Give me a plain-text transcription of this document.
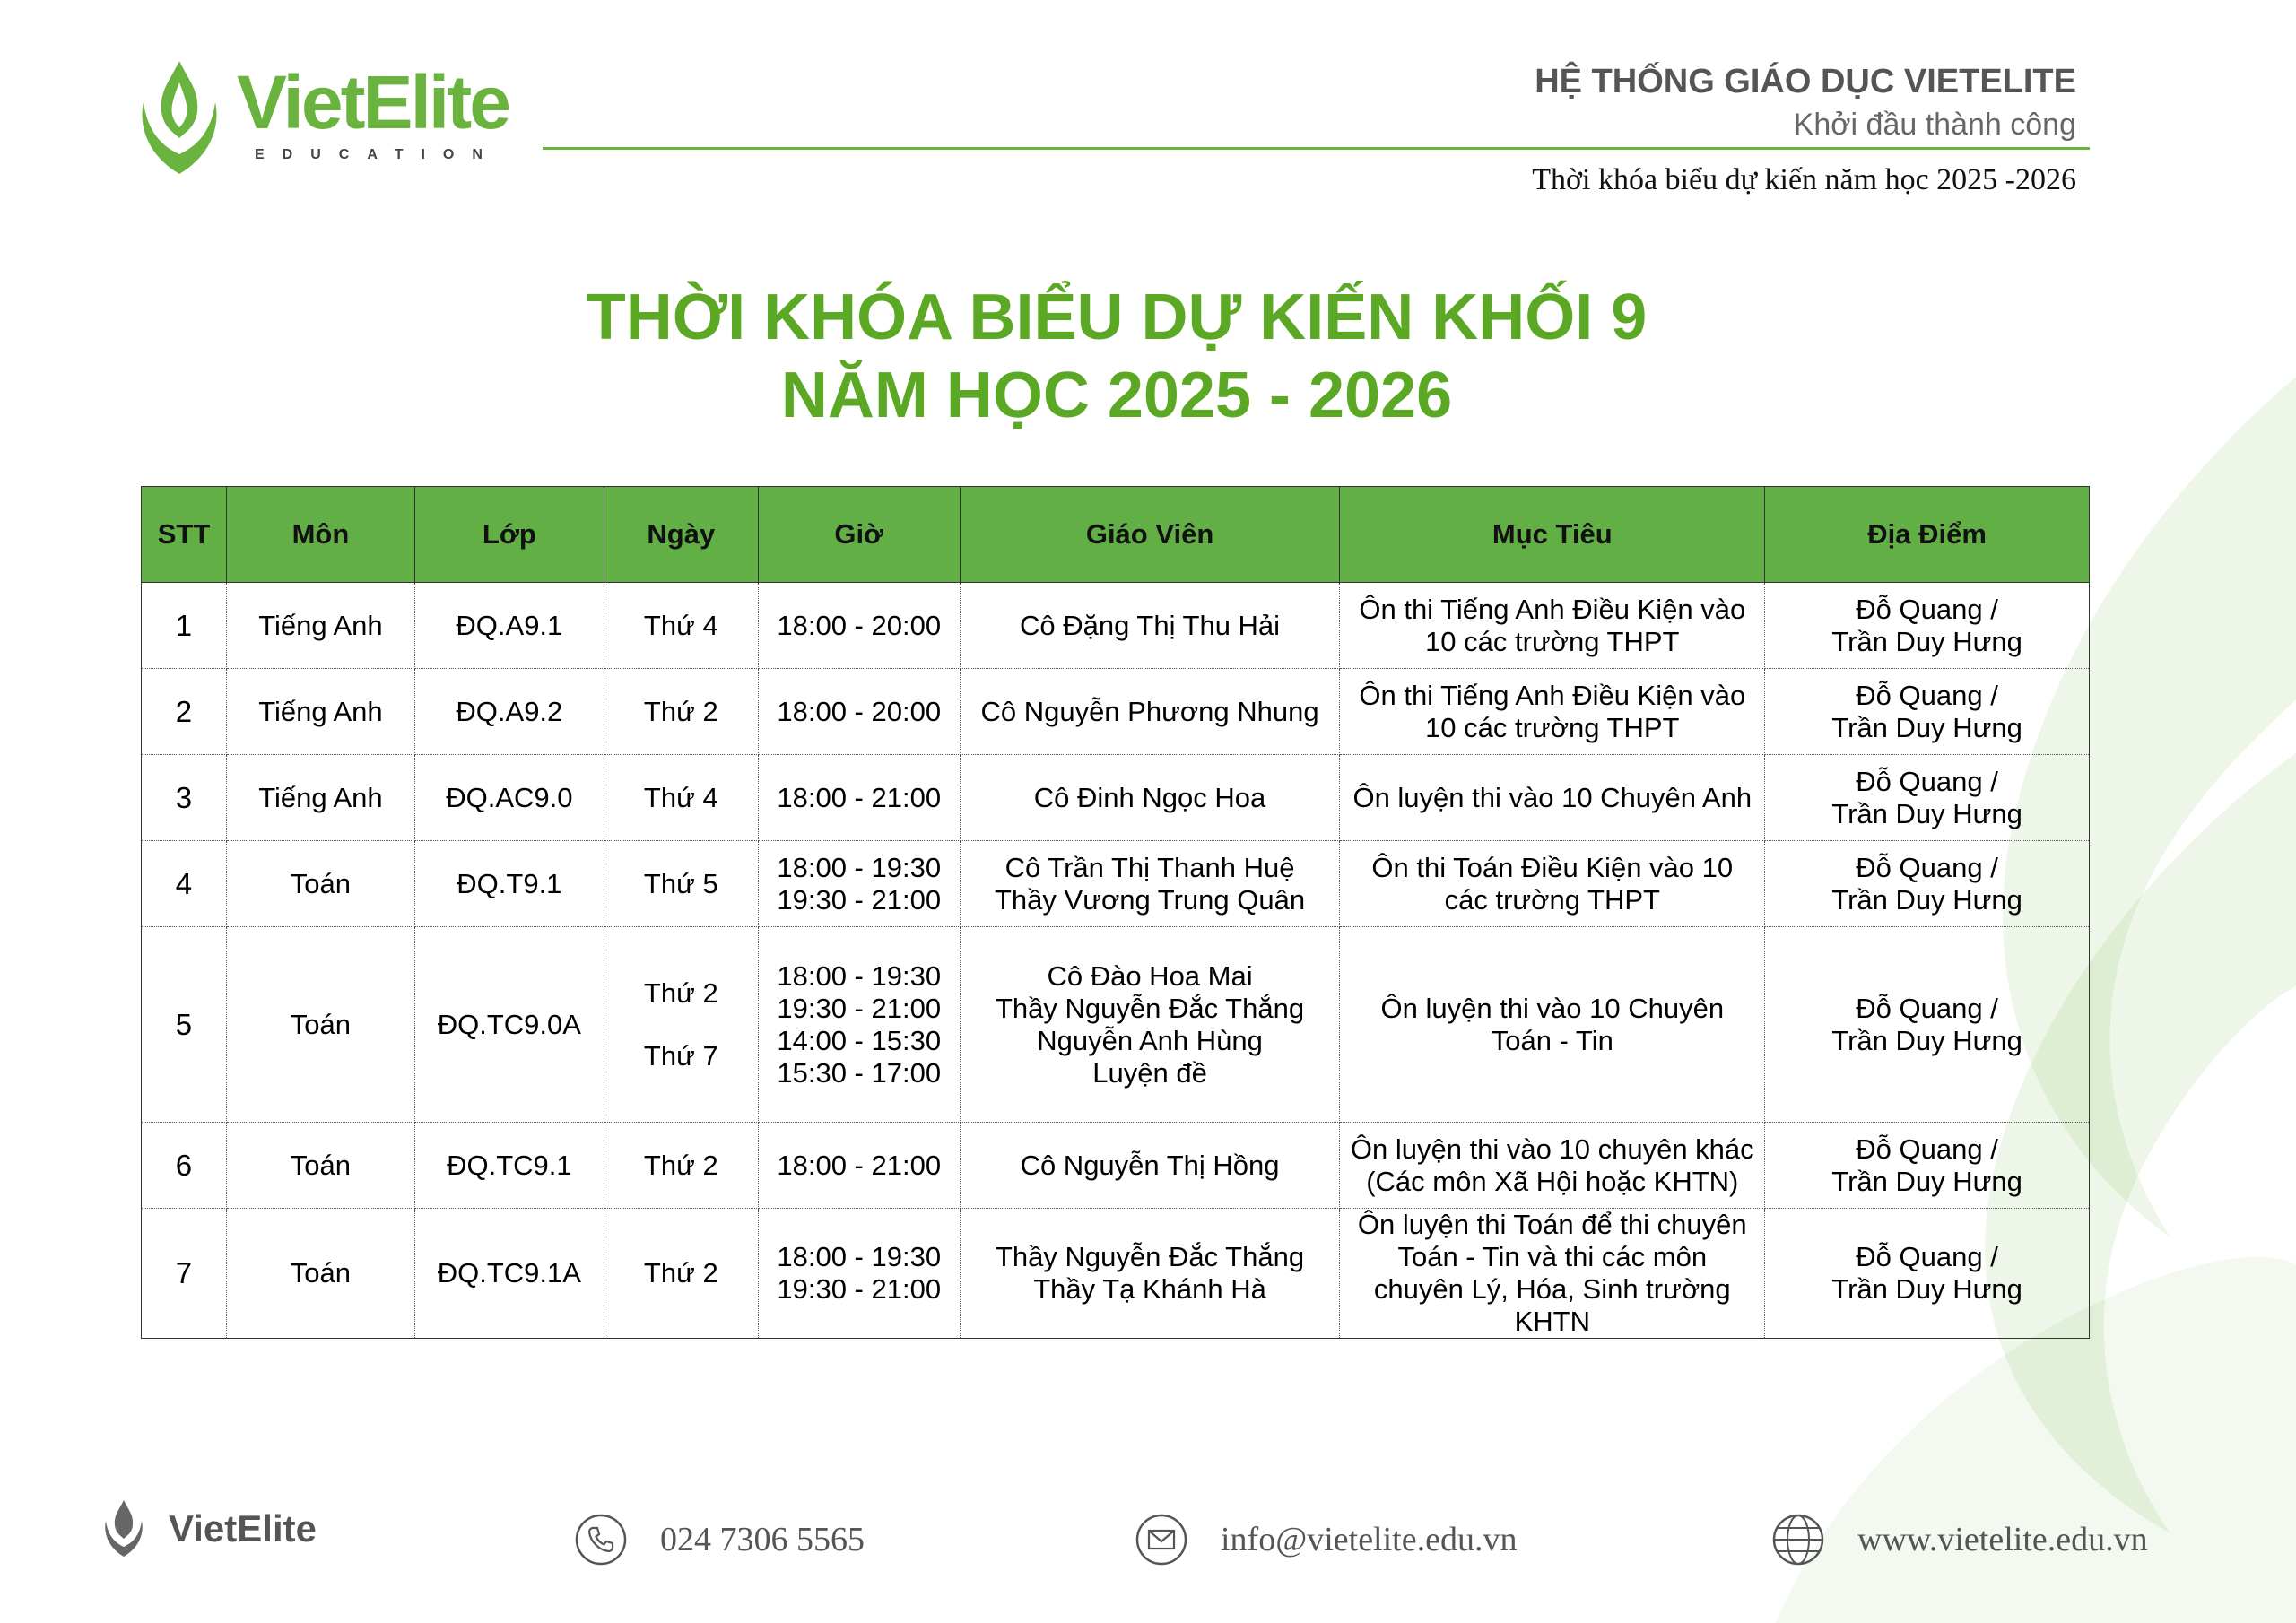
VietElite
EDUCATION
HỆ THỐNG GIÁO DỤC VIETELITE
Khởi đầu thành công
Thời khóa biểu dự kiến năm học 2025 -2026
THỜI KHÓA BIỂU DỰ KIẾN KHỐI 9
NĂM HỌC 2025 - 2026
STT	Môn	Lớp	Ngày	Giờ	Giáo Viên	Mục Tiêu	Địa Điểm
1	Tiếng Anh	ĐQ.A9.1	Thứ 4	18:00 - 20:00	Cô Đặng Thị Thu Hải	Ôn thi Tiếng Anh Điều Kiện vào
10 các trường THPT	Đỗ Quang /
Trần Duy Hưng

2	Tiếng Anh	ĐQ.A9.2	Thứ 2	18:00 - 20:00	Cô Nguyễn Phương Nhung	Ôn thi Tiếng Anh Điều Kiện vào
10 các trường THPT	Đỗ Quang /
Trần Duy Hưng

3	Tiếng Anh	ĐQ.AC9.0	Thứ 4	18:00 - 21:00	Cô Đinh Ngọc Hoa	Ôn luyện thi vào 10 Chuyên Anh	Đỗ Quang /
Trần Duy Hưng

4	Toán	ĐQ.T9.1	Thứ 5	18:00 - 19:30
19:30 - 21:00	Cô Trần Thị Thanh Huệ
Thầy Vương Trung Quân	Ôn thi Toán Điều Kiện vào 10
các trường THPT	Đỗ Quang /
Trần Duy Hưng

5	Toán	ĐQ.TC9.0A	Thứ 2
Thứ 7	18:00 - 19:30
19:30 - 21:00
14:00 - 15:30
15:30 - 17:00	Cô Đào Hoa Mai
Thầy Nguyễn Đắc Thắng
Nguyễn Anh Hùng
Luyện đề	Ôn luyện thi vào 10 Chuyên
Toán - Tin	Đỗ Quang /
Trần Duy Hưng

6	Toán	ĐQ.TC9.1	Thứ 2	18:00 - 21:00	Cô Nguyễn Thị Hồng	Ôn luyện thi vào 10 chuyên khác
(Các môn Xã Hội hoặc KHTN)	Đỗ Quang /
Trần Duy Hưng

7	Toán	ĐQ.TC9.1A	Thứ 2	18:00 - 19:30
19:30 - 21:00	Thầy Nguyễn Đắc Thắng
Thầy Tạ Khánh Hà	Ôn luyện thi Toán để thi chuyên
Toán - Tin và thi các môn
chuyên Lý, Hóa, Sinh trường
KHTN	Đỗ Quang /
Trần Duy Hưng
VietElite	024 7306 5565	info@vietelite.edu.vn	www.vietelite.edu.vn
